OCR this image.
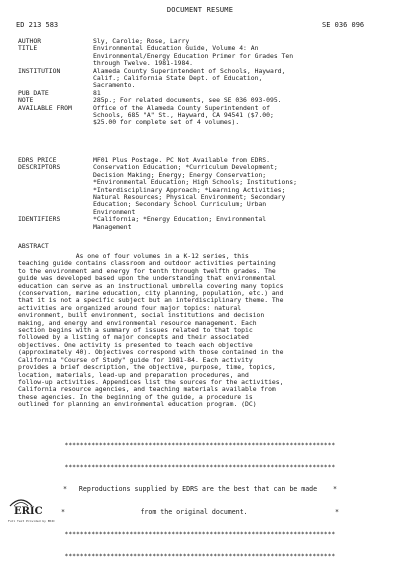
DOCUMENT RESUME
ED 213 583	SE 036 096
AUTHOR	Sly, Carolie; Rose, Larry
TITLE	Environmental Education Guide, Volume 4: An
Environmental/Energy Education Primer for Grades Ten
through Twelve. 1981-1984.
INSTITUTION	Alameda County Superintendent of Schools, Hayward,
Calif.; California State Dept. of Education,
Sacramento.
PUB DATE	81
NOTE	285p.; For related documents, see SE 036 093-095.
AVAILABLE FROM	Office of the Alameda County Superintendent of
Schools, 685 "A" St., Hayward, CA 94541 ($7.00;
$25.00 for complete set of 4 volumes).
EDRS PRICE	MF01 Plus Postage. PC Not Available from EDRS.
DESCRIPTORS	Conservation Education; *Curriculum Development;
Decision Making; Energy; Energy Conservation;
*Environmental Education; High Schools; Institutions;
*Interdisciplinary Approach; *Learning Activities;
Natural Resources; Physical Environment; Secondary
Education; Secondary School Curriculum; Urban
Environment
IDENTIFIERS	*California; *Energy Education; Environmental
Management
ABSTRACT
As one of four volumes in a K-12 series, this
teaching guide contains classroom and outdoor activities pertaining
to the environment and energy for tenth through twelfth grades. The
guide was developed based upon the understanding that environmental
education can serve as an instructional umbrella covering many topics
(conservation, marine education, city planning, population, etc.) and
that it is not a specific subject but an interdisciplinary theme. The
activities are organized around four major topics: natural
environment, built environment, social institutions and decision
making, and energy and environmental resource management. Each
section begins with a summary of issues related to that topic
followed by a listing of major concepts and their associated
objectives. One activity is presented to teach each objective
(approximately 40). Objectives correspond with those contained in the
California "Course of Study" guide for 1981-84. Each activity
provides a brief description, the objective, purpose, time, topics,
location, materials, lead-up and preparation procedures, and
follow-up activities. Appendices list the sources for the activities,
California resource agencies, and teaching materials available from
these agencies. In the beginning of the guide, a procedure is
outlined for planning an environmental education program. (DC)

***********************************************************************

***********************************************************************

* Reproductions supplied by EDRS are the best that can be made *

*	from the original document.	*

***********************************************************************

***********************************************************************

ERIC
Full Text Provided by ERIC
